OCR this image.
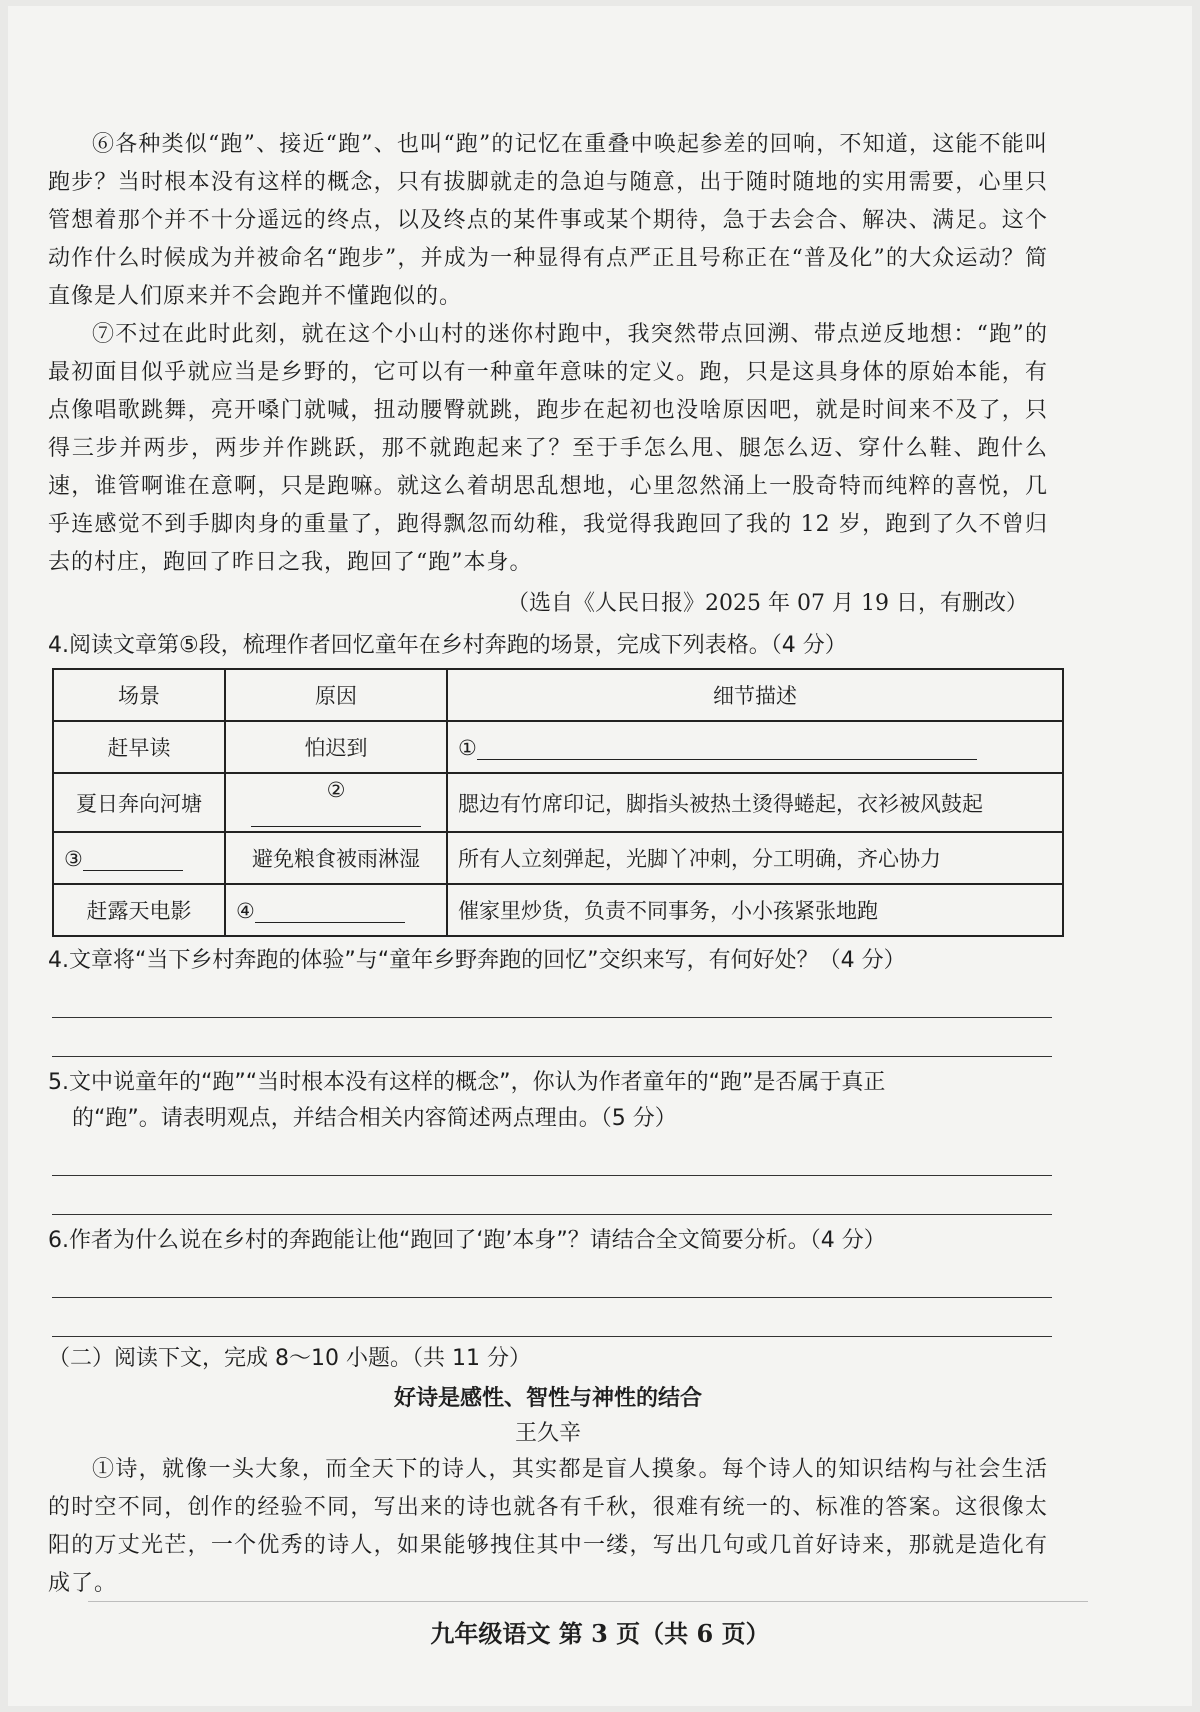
⑥各种类似“跑”、接近“跑”、也叫“跑”的记忆在重叠中唤起参差的回响，不知道，这能不能叫跑步？当时根本没有这样的概念，只有拔脚就走的急迫与随意，出于随时随地的实用需要，心里只管想着那个并不十分遥远的终点，以及终点的某件事或某个期待，急于去会合、解决、满足。这个动作什么时候成为并被命名“跑步”，并成为一种显得有点严正且号称正在“普及化”的大众运动？简直像是人们原来并不会跑并不懂跑似的。

⑦不过在此时此刻，就在这个小山村的迷你村跑中，我突然带点回溯、带点逆反地想：“跑”的最初面目似乎就应当是乡野的，它可以有一种童年意味的定义。跑，只是这具身体的原始本能，有点像唱歌跳舞，亮开嗓门就喊，扭动腰臀就跳，跑步在起初也没啥原因吧，就是时间来不及了，只得三步并两步，两步并作跳跃，那不就跑起来了？至于手怎么甩、腿怎么迈、穿什么鞋、跑什么速，谁管啊谁在意啊，只是跑嘛。就这么着胡思乱想地，心里忽然涌上一股奇特而纯粹的喜悦，几乎连感觉不到手脚肉身的重量了，跑得飘忽而幼稚，我觉得我跑回了我的 12 岁，跑到了久不曾归去的村庄，跑回了昨日之我，跑回了“跑”本身。

（选自《人民日报》2025 年 07 月 19 日，有删改）

4.阅读文章第⑤段，梳理作者回忆童年在乡村奔跑的场景，完成下列表格。（4 分）

场景	原因	细节描述
赶早读	怕迟到	①
夏日奔向河塘	②	腮边有竹席印记，脚指头被热土烫得蜷起，衣衫被风鼓起
③	避免粮食被雨淋湿	所有人立刻弹起，光脚丫冲刺，分工明确，齐心协力
赶露天电影	④	催家里炒货，负责不同事务，小小孩紧张地跑

4.文章将“当下乡村奔跑的体验”与“童年乡野奔跑的回忆”交织来写，有何好处？（4 分）

5.文中说童年的“跑”“当时根本没有这样的概念”，你认为作者童年的“跑”是否属于真正

的“跑”。请表明观点，并结合相关内容简述两点理由。（5 分）

6.作者为什么说在乡村的奔跑能让他“跑回了‘跑’本身”？请结合全文简要分析。（4 分）

（二）阅读下文，完成 8～10 小题。（共 11 分）

好诗是感性、智性与神性的结合

王久辛

①诗，就像一头大象，而全天下的诗人，其实都是盲人摸象。每个诗人的知识结构与社会生活的时空不同，创作的经验不同，写出来的诗也就各有千秋，很难有统一的、标准的答案。这很像太阳的万丈光芒，一个优秀的诗人，如果能够拽住其中一缕，写出几句或几首好诗来，那就是造化有成了。

九年级语文 第 3 页（共 6 页）
